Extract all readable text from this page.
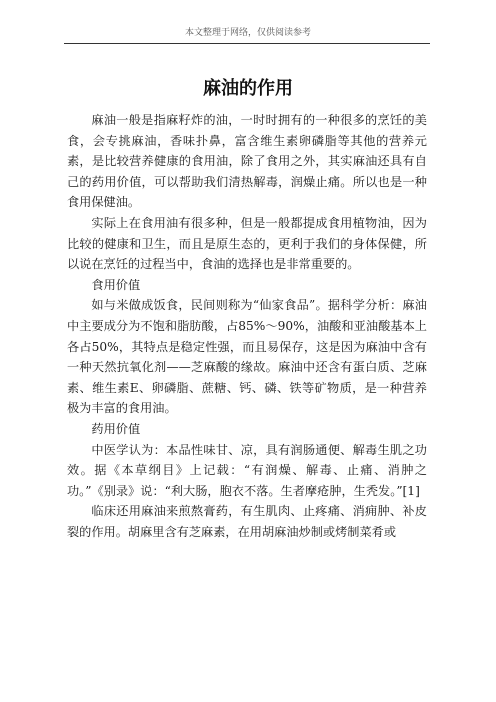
本文整理于网络，仅供阅读参考
麻油的作用

麻油一般是指麻籽炸的油，一时时拥有的一种很多的烹饪的美食，会专挑麻油，香味扑鼻，富含维生素卵磷脂等其他的营养元素，是比较营养健康的食用油，除了食用之外，其实麻油还具有自己的药用价值，可以帮助我们清热解毒，润燥止痛。所以也是一种食用保健油。

实际上在食用油有很多种，但是一般都提成食用植物油，因为比较的健康和卫生，而且是原生态的，更利于我们的身体保健，所以说在烹饪的过程当中，食油的选择也是非常重要的。

食用价值

如与米做成饭食，民间则称为“仙家食品”。据科学分析：麻油中主要成分为不饱和脂肪酸，占85%～90%，油酸和亚油酸基本上各占50%，其特点是稳定性强，而且易保存，这是因为麻油中含有一种天然抗氧化剂——芝麻酸的缘故。麻油中还含有蛋白质、芝麻素、维生素E、卵磷脂、蔗糖、钙、磷、铁等矿物质，是一种营养极为丰富的食用油。

药用价值

中医学认为：本品性味甘、凉，具有润肠通便、解毒生肌之功效。据《本草纲目》上记载：“有润燥、解毒、止痛、消肿之功。”《别录》说：“利大肠，胞衣不落。生者摩疮肿，生秃发。”[1]

临床还用麻油来煎熬膏药，有生肌肉、止疼痛、消痈肿、补皮裂的作用。胡麻里含有芝麻素，在用胡麻油炒制或烤制菜肴或
